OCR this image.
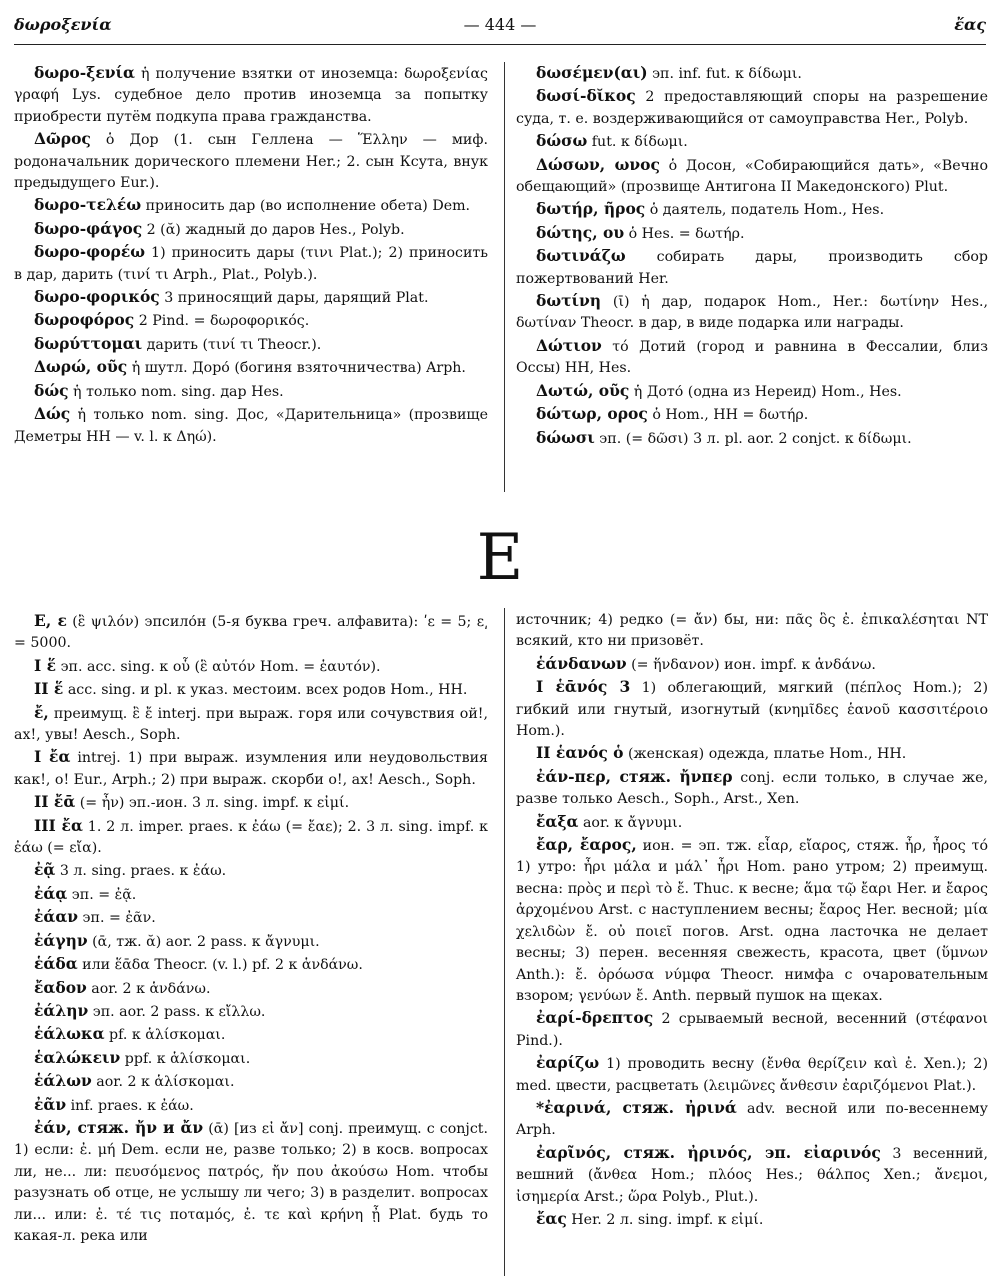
δωροξενία	— 444 —	ἔας

δωρο-ξενία ἡ получение взятки от иноземца: δωροξενίας γραφή Lys. судебное дело против иноземца за попытку приобрести путём подкупа права гражданства.

Δῶρος ὁ Дор (1. сын Геллена — Ἕλλην — миф. родоначальник дорического племени Her.; 2. сын Ксута, внук предыдущего Eur.).

δωρο-τελέω приносить дар (во исполнение обета) Dem.

δωρο-φάγος 2 (ᾰ) жадный до даров Hes., Polyb.

δωρο-φορέω 1) приносить дары (τινι Plat.); 2) приносить в дар, дарить (τινί τι Arph., Plat., Polyb.).

δωρο-φορικός 3 приносящий дары, дарящий Plat.

δωροφόρος 2 Pind. = δωροφορικός.

δωρύττομαι дарить (τινί τι Theocr.).

Δωρώ, οῦς ἡ шутл. Доро́ (богиня взяточничества) Arph.

δώς ἡ только nom. sing. дар Hes.

Δώς ἡ только nom. sing. Дос, «Дарительница» (прозвище Деметры HH — v. l. к Δηώ).

δωσέμεν(αι) эп. inf. fut. к δίδωμι.

δωσί-δῐκος 2 предоставляющий споры на разрешение суда, т. е. воздерживающийся от самоуправства Her., Polyb.

δώσω fut. к δίδωμι.

Δώσων, ωνος ὁ Досон, «Собирающийся дать», «Вечно обещающий» (прозвище Антигона II Македонского) Plut.

δωτήρ, ῆρος ὁ даятель, податель Hom., Hes.

δώτης, ου ὁ Hes. = δωτήρ.

δωτινάζω собирать дары, производить сбор пожертвований Her.

δωτίνη (ῑ) ἡ дар, подарок Hom., Her.: δωτίνην Hes., δωτίναν Theocr. в дар, в виде подарка или награды.

Δώτιον τό Дотий (город и равнина в Фессалии, близ Оссы) HH, Hes.

Δωτώ, οῦς ἡ Дото́ (одна из Нереид) Hom., Hes.

δώτωρ, ορος ὁ Hom., HH = δωτήρ.

δώωσι эп. (= δῶσι) 3 л. pl. aor. 2 conjct. к δίδωμι.

E

Ε, ε (ἒ ψιλόν) эпсило́н (5-я буква греч. алфавита): ʹε = 5; ε͵ = 5000.

I ἕ эп. acc. sing. к οὗ (ἓ αὐτόν Hom. = ἑαυτόν).

II ἕ acc. sing. и pl. к указ. местоим. всех родов Hom., HH.

ἔ, преимущ. ἒ ἔ interj. при выраж. горя или сочувствия ой!, ах!, увы! Aesch., Soph.

I ἔα intrej. 1) при выраж. изумления или неудовольствия как!, о! Eur., Arph.; 2) при выраж. скорби о!, ах! Aesch., Soph.

II ἔᾱ (= ἦν) эп.-ион. 3 л. sing. impf. к εἰμί.

III ἔα 1. 2 л. imper. praes. к ἐάω (= ἔαε); 2. 3 л. sing. impf. к ἐάω (= εἴα).

ἐᾷ 3 л. sing. praes. к ἐάω.

ἐάᾳ эп. = ἐᾷ.

ἐάαν эп. = ἐᾶν.

ἐάγην (ᾱ, тж. ᾰ) aor. 2 pass. к ἄγνυμι.

ἑάδα или ἕᾱδα Theocr. (v. l.) pf. 2 к ἁνδάνω.

ἔαδον aor. 2 к ἁνδάνω.

ἐάλην эп. aor. 2 pass. к εἴλλω.

ἑάλωκα pf. к ἁλίσκομαι.

ἑαλώκειν ppf. к ἁλίσκομαι.

ἑάλων aor. 2 к ἁλίσκομαι.

ἐᾶν inf. praes. к ἐάω.

ἐάν, стяж. ἤν и ἄν (ᾱ) [из εἰ ἄν] conj. преимущ. c conjct. 1) если: ἐ. μή Dem. если не, разве только; 2) в косв. вопросах ли, не... ли: πευσόμενος πατρός, ἤν που ἀκούσω Hom. чтобы разузнать об отце, не услышу ли чего; 3) в разделит. вопросах ли... или: ἐ. τέ τις ποταμός, ἐ. τε καὶ κρήνη ᾖ Plat. будь то какая-л. река или

источник; 4) редко (= ἄν) бы, ни: πᾶς ὃς ἐ. ἐπικαλέσηται NT всякий, кто ни призовёт.

ἑάνδανων (= ἥνδανον) ион. impf. к ἁνδάνω.

I ἑᾱνός 3 1) облегающий, мягкий (πέπλος Hom.); 2) гибкий или гнутый, изогнутый (κνημῖδες ἑανοῦ κασσιτέροιο Hom.).

II ἑανός ὁ (женская) одежда, платье Hom., HH.

ἐάν-περ, стяж. ἤνπερ conj. если только, в случае же, разве только Aesch., Soph., Arst., Xen.

ἔαξα aor. к ἄγνυμι.

ἔαρ, ἔαρος, ион. = эп. тж. εἶαρ, εἴαρος, стяж. ἦρ, ἦρος τό 1) утро: ἦρι μάλα и μάλ᾽ ἦρι Hom. рано утром; 2) преимущ. весна: πρὸς и περὶ τὸ ἔ. Thuc. к весне; ἅμα τῷ ἔαρι Her. и ἔαρος ἀρχομένου Arst. с наступлением весны; ἔαρος Her. весной; μία χελιδὼν ἔ. οὐ ποιεῖ погов. Arst. одна ласточка не делает весны; 3) перен. весенняя свежесть, красота, цвет (ὕμνων Anth.): ἔ. ὀρόωσα νύμφα Theocr. нимфа с очаровательным взором; γενύων ἔ. Anth. первый пушок на щеках.

ἐαρί-δρεπτος 2 срываемый весной, весенний (στέφανοι Pind.).

ἐαρίζω 1) проводить весну (ἔνθα θερίζειν καὶ ἐ. Xen.); 2) med. цвести, расцветать (λειμῶνες ἄνθεσιν ἐαριζόμενοι Plat.).

*ἐαρινά, стяж. ἠρινά adv. весной или по-весеннему Arph.

ἐαρῖνός, стяж. ἠρινός, эп. εἰαρινός 3 весенний, вешний (ἄνθεα Hom.; πλόος Hes.; θάλπος Xen.; ἄνεμοι, ἰσημερία Arst.; ὥρα Polyb., Plut.).

ἔας Her. 2 л. sing. impf. к εἰμί.
